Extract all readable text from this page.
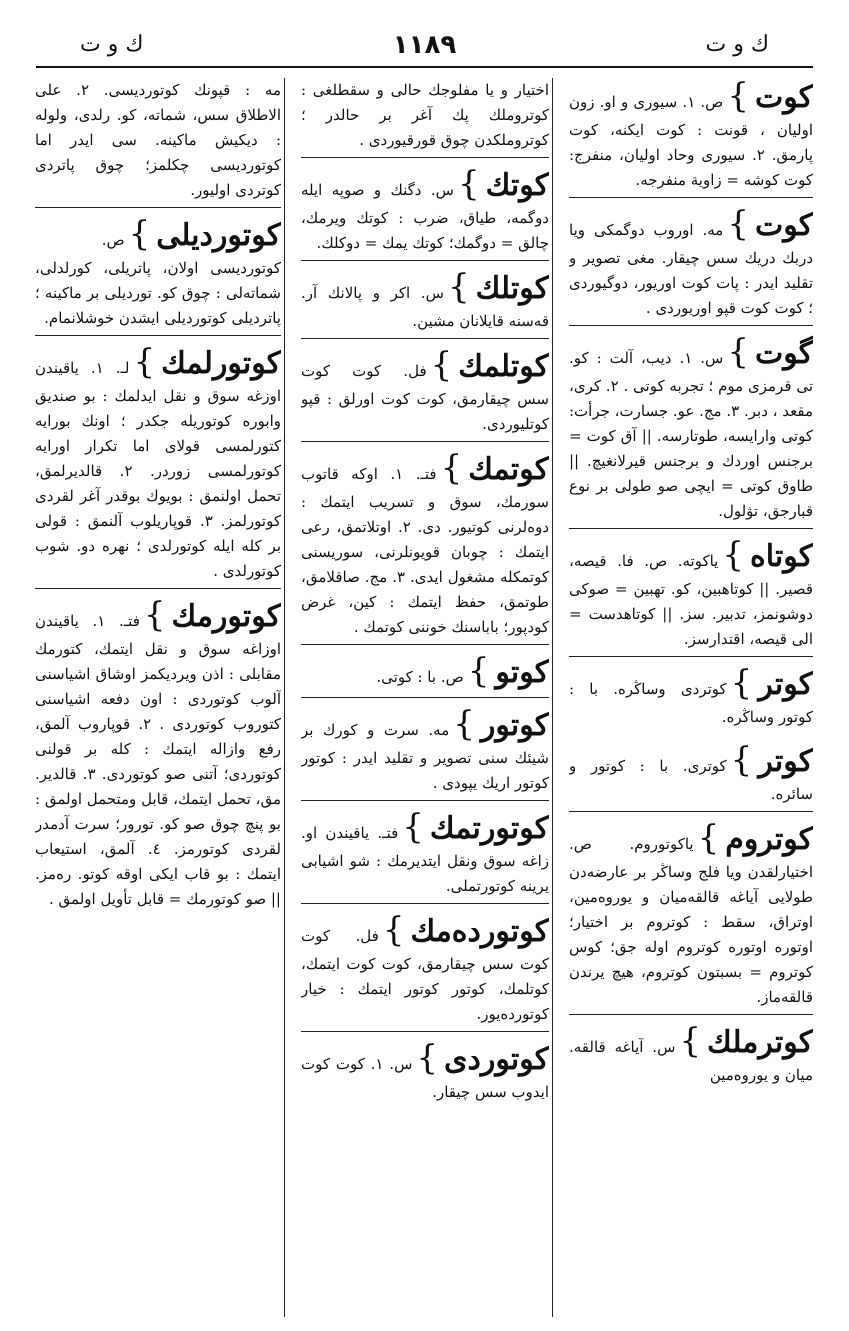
ك و ت
١١٨٩
ك و ت
كوت}ص. ١. سيورى و او. زون اوليان ، قونت : كوت ايكنه، كوت پارمق. ٢. سيورى وحاد اوليان، منفرج: كوت كوشه = زاوية منفرجه.
كوت}مه. اوروب دوگمكى ويا دربك دريك سس چيقار. مغى تصوير و تقليد ايدر : پات كوت اوريور، دوگيوردى ؛ كوت كوت قپو اوريوردى .
گوت}س. ١. ديب، آلت : كو. تى قرمزى موم ؛ تجربه كوتى . ٢. كرى، مقعد ، دبر. ٣. مج. عو. جسارت، جرأت: كوتى وارايسه، طوتارسه. || آق كوت = برجنس اوردك و برجنس قيرلانغيچ. || طاوق كوتى = ايچى صو طولى بر نوع قبارجق، تۋلول.
كوتاه}ياكوته. ص. فا. قيصه، قصير. || كوتاهبين، كو. تهبين = صوكى دوشونمز، تدبير. سز. || كوتاهدست = الى قيصه، اقتدارسز.
كوتر}كوتردى وساڭره. با : كوتور وساڭره.
كوتر}كوترى. با : كوتور و سائره.
كوتروم}ياكوتوروم. ص. اختيارلقدن ويا فلج وساڭر بر عارضه‌دن طولايى آياغه قالقه‌ميان و يوروه‌مين، اوتراق، سقط : كوتروم بر اختيار؛ اوتوره اوتوره كوتروم اوله جق؛ كوس كوتروم = بسبتون كوتروم، هيچ يرندن قالقه‌ماز.
كوترملك}س. آياغه قالقه. ميان و يوروه‌مين
اختيار و يا مفلوجك حالى و سقطلغى : كوتروملك پك آغر بر حالدر ؛ كوتروملكدن چوق قورقيوردى .
كوتك}س. دگنك و صوپه ايله دوگمه، طياق، ضرب : كوتك ويرمك، چالق = دوگمك؛ كوتك يمك = دوكلك.
كوتلك}س. اكر و پالانك آر. قه‌سنه قايلانان مشين.
كوتلمك}فل. كوت كوت سس چيقارمق، كوت كوت اورلق : قپو كوتليوردى.
كوتمك}فتـ. ١. اوكه قاتوب سورمك، سوق و تسريب ايتمك : دوه‌لرنى كوتيور. دى. ٢. اوتلاتمق، رعى ايتمك : چوبان قويونلرنى، سوريسنى كوتمكله مشغول ايدى. ٣. مج. صاقلامق، طوتمق، حفظ ايتمك : كين، غرض كودپور؛ باباسنك خوننى كوتمك .
كوتو}ص. با : كوتى.
كوتور}مه. سرت و كورك بر شيئك سنى تصوير و تقليد ايدر : كوتور كوتور اريك يپودى .
كوتورتمك}فتـ. ياقيندن او. زاغه سوق ونقل ايتديرمك : شو اشيابى يرينه كوتورتملى.
كوتورده‌مك}فل. كوت كوت سس چيقارمق، كوت كوت ايتمك، كوتلمك، كوتور كوتور ايتمك : خيار كوتورده‌يور.
كوتوردى}س. ١. كوت كوت ايدوب سس چيقار.
مه : قپونك كوتورديسى. ٢. على الاطلاق سس، شماته، كو. رلدى، ولوله : ديكيش ماكينه. سى ايدر اما كوتورديسى چكلمز؛ چوق پاتردى كوتردى اوليور.
كوتورديلى}ص. كوتورديسى اولان، پاتريلى، كورلدلى، شماته‌لى : چوق كو. توردیلی بر ماكينه ؛ پاتردیلى كوتورديلى ايشدن خوشلانمام.
كوتورلمك}لـ. ١. ياقيندن اوزغه سوق و نقل ايدلمك : بو صنديق وابوره كوتوريله جكدر ؛ اونك بورايه كتورلمسى قولاى اما تكرار اورايه كوتورلمسى زوردر. ٢. قالديرلمق، تحمل اولنمق : بويوك بوقدر آغر لقردى كوتورلمز. ٣. قوپاريلوب آلنمق : قولى بر كله ايله كوتورلدى ؛ نهره دو. شوب كوتورلدى .
كوتورمك}فتـ. ١. ياقيندن اوزاغه سوق و نقل ايتمك، كتورمك مقابلى : اذن ويردیکمز اوشاق اشياسنى آلوب كوتوردى : اون دفعه اشياسنى كتوروب كوتوردى . ٢. قوپاروب آلمق، رفع وازاله ايتمك : كله بر قولنى كوتوردى؛ آتنى صو كوتوردى. ٣. قالدير. مق، تحمل ايتمك، قابل ومتحمل اولمق : بو پنچ چوق صو كو. تورور؛ سرت آدمدر لقردى كوتورمز. ٤. آلمق، استيعاب ايتمك : بو قاب ايكى اوقه كوتو. ره‌مز. || صو كوتورمك = قابل تأويل اولمق .
